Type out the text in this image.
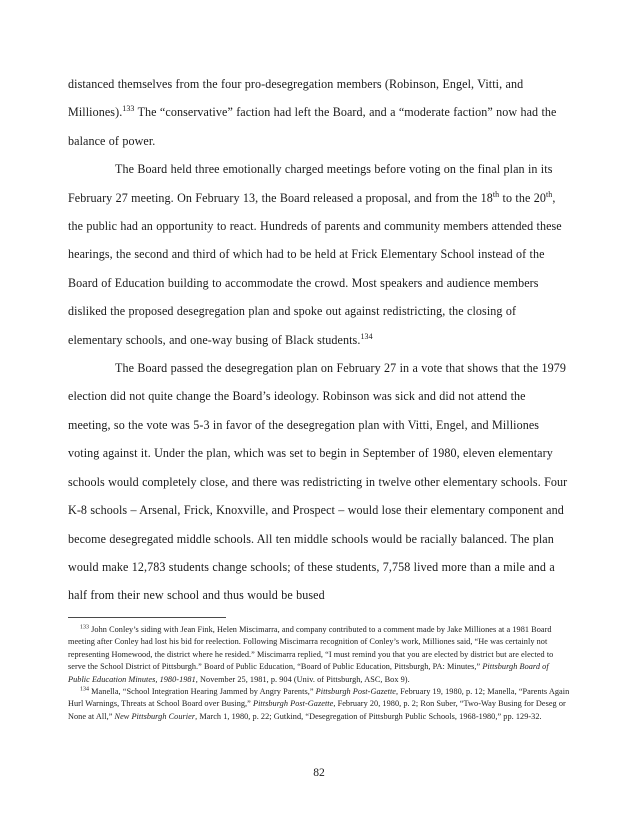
distanced themselves from the four pro-desegregation members (Robinson, Engel, Vitti, and Milliones).$^{133}$ The “conservative” faction had left the Board, and a “moderate faction” now had the balance of power.

The Board held three emotionally charged meetings before voting on the final plan in its February 27 meeting. On February 13, the Board released a proposal, and from the 18th to the 20th, the public had an opportunity to react. Hundreds of parents and community members attended these hearings, the second and third of which had to be held at Frick Elementary School instead of the Board of Education building to accommodate the crowd. Most speakers and audience members disliked the proposed desegregation plan and spoke out against redistricting, the closing of elementary schools, and one-way busing of Black students.$^{134}$

The Board passed the desegregation plan on February 27 in a vote that shows that the 1979 election did not quite change the Board’s ideology. Robinson was sick and did not attend the meeting, so the vote was 5-3 in favor of the desegregation plan with Vitti, Engel, and Milliones voting against it. Under the plan, which was set to begin in September of 1980, eleven elementary schools would completely close, and there was redistricting in twelve other elementary schools. Four K-8 schools – Arsenal, Frick, Knoxville, and Prospect – would lose their elementary component and become desegregated middle schools. All ten middle schools would be racially balanced. The plan would make 12,783 students change schools; of these students, 7,758 lived more than a mile and a half from their new school and thus would be bused

$^{133}$ John Conley’s siding with Jean Fink, Helen Miscimarra, and company contributed to a comment made by Jake Milliones at a 1981 Board meeting after Conley had lost his bid for reelection. Following Miscimarra recognition of Conley’s work, Milliones said, “He was certainly not representing Homewood, the district where he resided.” Miscimarra replied, “I must remind you that you are elected by district but are elected to serve the School District of Pittsburgh.” Board of Public Education, “Board of Public Education, Pittsburgh, PA: Minutes,” Pittsburgh Board of Public Education Minutes, 1980-1981, November 25, 1981, p. 904 (Univ. of Pittsburgh, ASC, Box 9).

$^{134}$ Manella, “School Integration Hearing Jammed by Angry Parents,” Pittsburgh Post-Gazette, February 19, 1980, p. 12; Manella, “Parents Again Hurl Warnings, Threats at School Board over Busing,” Pittsburgh Post-Gazette, February 20, 1980, p. 2; Ron Suber, “Two-Way Busing for Deseg or None at All,” New Pittsburgh Courier, March 1, 1980, p. 22; Gutkind, “Desegregation of Pittsburgh Public Schools, 1968-1980,” pp. 129-32.

82
